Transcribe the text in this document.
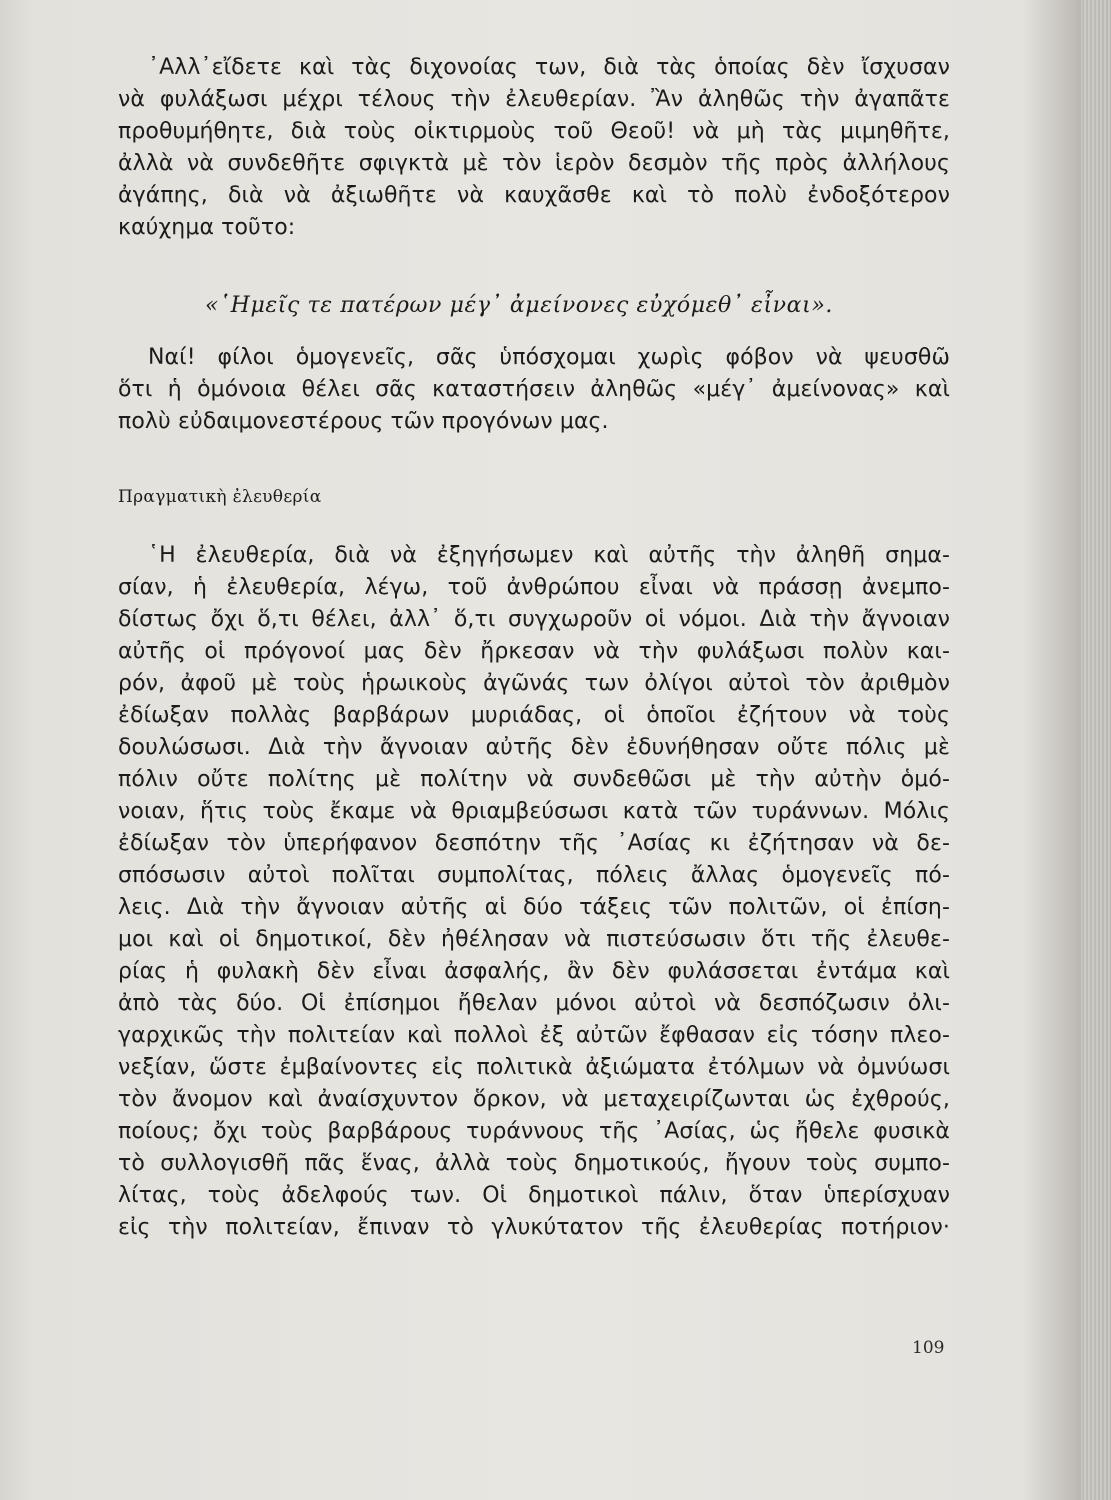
᾿Αλλ᾿εἴδετε καὶ τὰς διχονοίας των, διὰ τὰς ὁποίας δὲν ἴσχυσαν
νὰ φυλάξωσι μέχρι τέλους τὴν ἐλευθερίαν. Ἂν ἀληθῶς τὴν ἀγαπᾶτε
προθυμήθητε, διὰ τοὺς οἰκτιρμοὺς τοῦ Θεοῦ! νὰ μὴ τὰς μιμηθῆτε,
ἀλλὰ νὰ συνδεθῆτε σφιγκτὰ μὲ τὸν ἱερὸν δεσμὸν τῆς πρὸς ἀλλήλους
ἀγάπης, διὰ νὰ ἀξιωθῆτε νὰ καυχᾶσθε καὶ τὸ πολὺ ἐνδοξότερον
καύχημα τοῦτο:
«῾Ημεῖς τε πατέρων μέγ᾿ ἀμείνονες εὐχόμεθ᾿ εἶναι».
Ναί! φίλοι ὁμογενεῖς, σᾶς ὑπόσχομαι χωρὶς φόβον νὰ ψευσθῶ
ὅτι ἡ ὁμόνοια θέλει σᾶς καταστήσειν ἀληθῶς «μέγ᾿ ἀμείνονας» καὶ
πολὺ εὐδαιμονεστέρους τῶν προγόνων μας.
Πραγματικὴ ἐλευθερία
῾Η ἐλευθερία, διὰ νὰ ἐξηγήσωμεν καὶ αὐτῆς τὴν ἀληθῆ σημα-
σίαν, ἡ ἐλευθερία, λέγω, τοῦ ἀνθρώπου εἶναι νὰ πράσσῃ ἀνεμπο-
δίστως ὄχι ὅ,τι θέλει, ἀλλ᾿ ὅ,τι συγχωροῦν οἱ νόμοι. Διὰ τὴν ἄγνοιαν
αὐτῆς οἱ πρόγονοί μας δὲν ἤρκεσαν νὰ τὴν φυλάξωσι πολὺν και-
ρόν, ἀφοῦ μὲ τοὺς ἡρωικοὺς ἀγῶνάς των ὀλίγοι αὐτοὶ τὸν ἀριθμὸν
ἐδίωξαν πολλὰς βαρβάρων μυριάδας, οἱ ὁποῖοι ἐζήτουν νὰ τοὺς
δουλώσωσι. Διὰ τὴν ἄγνοιαν αὐτῆς δὲν ἐδυνήθησαν οὔτε πόλις μὲ
πόλιν οὔτε πολίτης μὲ πολίτην νὰ συνδεθῶσι μὲ τὴν αὐτὴν ὁμό-
νοιαν, ἥτις τοὺς ἔκαμε νὰ θριαμβεύσωσι κατὰ τῶν τυράννων. Μόλις
ἐδίωξαν τὸν ὑπερήφανον δεσπότην τῆς ᾿Ασίας κι ἐζήτησαν νὰ δε-
σπόσωσιν αὐτοὶ πολῖται συμπολίτας, πόλεις ἄλλας ὁμογενεῖς πό-
λεις. Διὰ τὴν ἄγνοιαν αὐτῆς αἱ δύο τάξεις τῶν πολιτῶν, οἱ ἐπίση-
μοι καὶ οἱ δημοτικοί, δὲν ἠθέλησαν νὰ πιστεύσωσιν ὅτι τῆς ἐλευθε-
ρίας ἡ φυλακὴ δὲν εἶναι ἀσφαλής, ἂν δὲν φυλάσσεται ἐντάμα καὶ
ἀπὸ τὰς δύο. Οἱ ἐπίσημοι ἤθελαν μόνοι αὐτοὶ νὰ δεσπόζωσιν ὀλι-
γαρχικῶς τὴν πολιτείαν καὶ πολλοὶ ἐξ αὐτῶν ἔφθασαν εἰς τόσην πλεο-
νεξίαν, ὥστε ἐμβαίνοντες εἰς πολιτικὰ ἀξιώματα ἐτόλμων νὰ ὀμνύωσι
τὸν ἄνομον καὶ ἀναίσχυντον ὅρκον, νὰ μεταχειρίζωνται ὡς ἐχθρούς,
ποίους; ὄχι τοὺς βαρβάρους τυράννους τῆς ᾿Ασίας, ὡς ἤθελε φυσικὰ
τὸ συλλογισθῆ πᾶς ἕνας, ἀλλὰ τοὺς δημοτικούς, ἤγουν τοὺς συμπο-
λίτας, τοὺς ἀδελφούς των. Οἱ δημοτικοὶ πάλιν, ὅταν ὑπερίσχυαν
εἰς τὴν πολιτείαν, ἔπιναν τὸ γλυκύτατον τῆς ἐλευθερίας ποτήριον·
109
